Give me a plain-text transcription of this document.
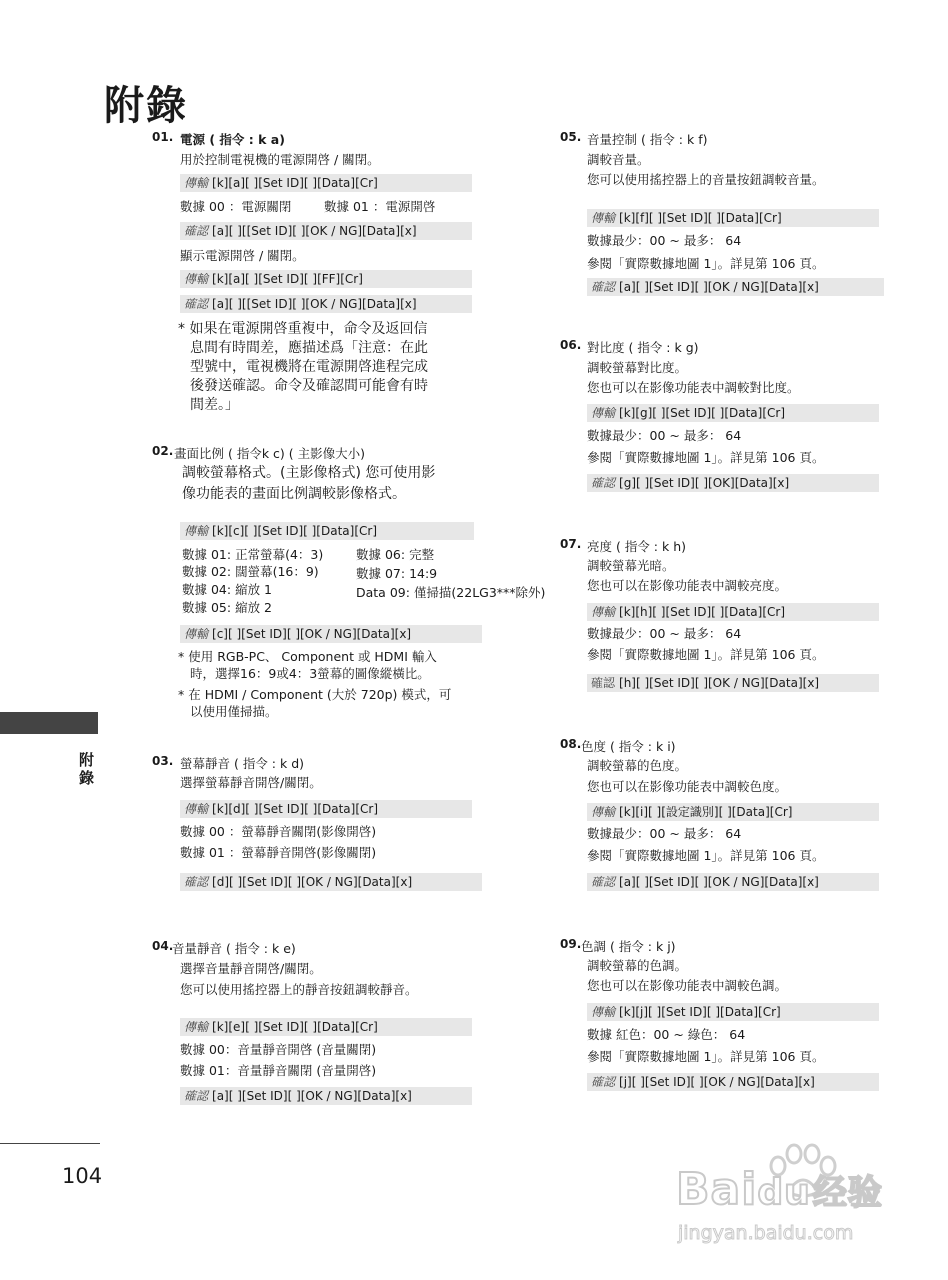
附錄
附錄
104
01. 電源 ( 指令 : k a)
用於控制電視機的電源開啓 / 關閉。
傳輸 [k][a][ ][Set ID][ ][Data][Cr]
數據 00 ：電源關閉	數據 01 ：電源開啓
確認 [a][ ][[Set ID][ ][OK / NG][Data][x]
顯示電源開啓 / 關閉。
傳輸 [k][a][ ][Set ID][ ][FF][Cr]
確認 [a][ ][[Set ID][ ][OK / NG][Data][x]
* 如果在電源開啓重複中，命令及返回信
息間有時間差，應描述爲「注意：在此
型號中，電視機將在電源開啓進程完成
後發送確認。命令及確認間可能會有時
間差。」
02. 畫面比例 ( 指令k c) ( 主影像大小)
調較螢幕格式。(主影像格式) 您可使用影
像功能表的畫面比例調較影像格式。
傳輸 [k][c][ ][Set ID][ ][Data][Cr]
數據 01: 正常螢幕(4：3)
數據 02: 闊螢幕(16：9)
數據 04: 縮放 1
數據 05: 縮放 2
數據 06: 完整
數據 07: 14:9
Data 09: 僅掃描(22LG3***除外)
傳輸 [c][ ][Set ID][ ][OK / NG][Data][x]
* 使用 RGB-PC、 Component 或 HDMI 輸入
時，選擇16：9或4：3螢幕的圖像縱橫比。
* 在 HDMI / Component (大於 720p) 模式，可
以使用僅掃描。
03. 螢幕靜音 ( 指令 : k d)
選擇螢幕靜音開啓/關閉。
傳輸 [k][d][ ][Set ID][ ][Data][Cr]
數據 00 ：螢幕靜音關閉(影像開啓)
數據 01 ：螢幕靜音開啓(影像關閉)
確認 [d][ ][Set ID][ ][OK / NG][Data][x]
04.
音量靜音 ( 指令 : k e)
選擇音量靜音開啓/關閉。
您可以使用搖控器上的靜音按鈕調較靜音。
傳輸 [k][e][ ][Set ID][ ][Data][Cr]
數據 00：音量靜音開啓 (音量關閉)
數據 01：音量靜音關閉 (音量開啓)
確認 [a][ ][Set ID][ ][OK / NG][Data][x]
05. 音量控制 ( 指令 : k f)
調較音量。
您可以使用搖控器上的音量按鈕調較音量。
傳輸 [k][f][ ][Set ID][ ][Data][Cr]
數據最少：00 ~ 最多： 64
參閱「實際數據地圖 1」。詳見第 106 頁。
確認 [a][ ][Set ID][ ][OK / NG][Data][x]
06. 對比度 ( 指令 : k g)
調較螢幕對比度。
您也可以在影像功能表中調較對比度。
傳輸 [k][g][ ][Set ID][ ][Data][Cr]
數據最少：00 ~ 最多： 64
參閱「實際數據地圖 1」。詳見第 106 頁。
確認 [g][ ][Set ID][ ][OK][Data][x]
07. 亮度 ( 指令 : k h)
調較螢幕光暗。
您也可以在影像功能表中調較亮度。
傳輸 [k][h][ ][Set ID][ ][Data][Cr]
數據最少：00 ~ 最多： 64
參閱「實際數據地圖 1」。詳見第 106 頁。
確認 [h][ ][Set ID][ ][OK / NG][Data][x]
08. 色度 ( 指令 : k i)
調較螢幕的色度。
您也可以在影像功能表中調較色度。
傳輸 [k][i][ ][設定識別][ ][Data][Cr]
數據最少：00 ~ 最多： 64
參閱「實際數據地圖 1」。詳見第 106 頁。
確認 [a][ ][Set ID][ ][OK / NG][Data][x]
09. 色調 ( 指令 : k j)
調較螢幕的色調。
您也可以在影像功能表中調較色調。
傳輸 [k][j][ ][Set ID][ ][Data][Cr]
數據 紅色：00 ~ 綠色： 64
參閱「實際數據地圖 1」。詳見第 106 頁。
確認 [j][ ][Set ID][ ][OK / NG][Data][x]
Baidu经验
jingyan.baidu.com
